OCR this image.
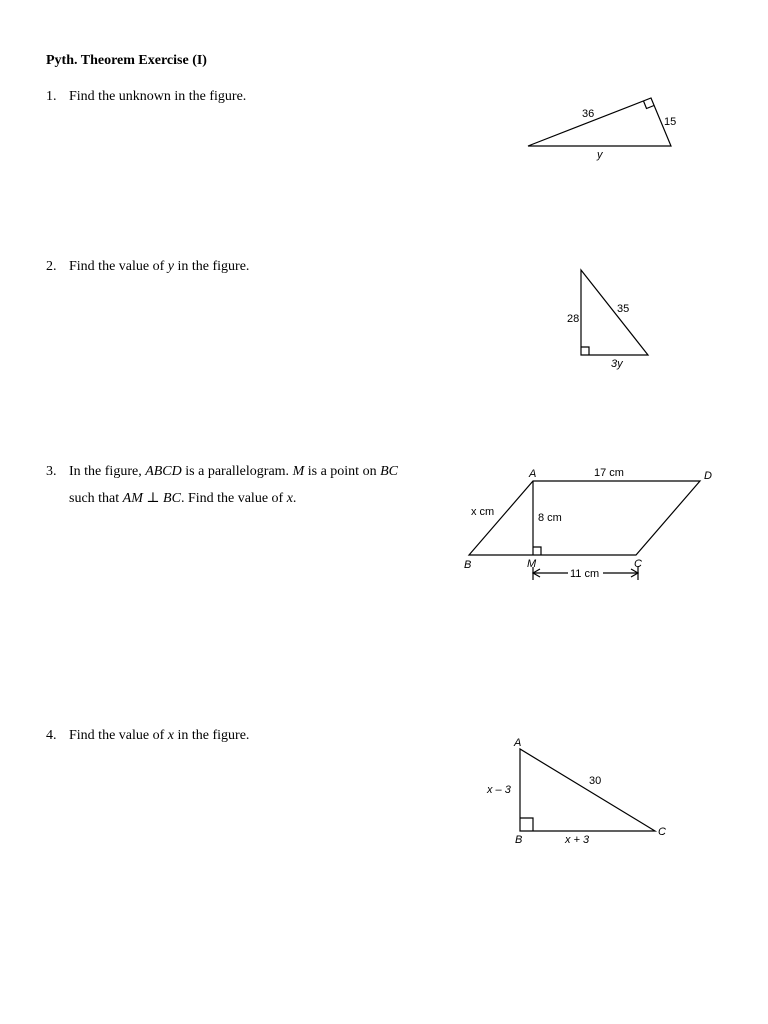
Pyth. Theorem Exercise (I)
1. Find the unknown in the figure.
36
15
y
2. Find the value of y in the figure.
28
35
3y
3. In the figure, ABCD is a parallelogram. M is a point on BC
such that AM ⊥ BC. Find the value of x.
A	D
B	C
M
17 cm
x cm	8 cm
11 cm
4. Find the value of x in the figure.	A
B
C
x – 3
30
x + 3
